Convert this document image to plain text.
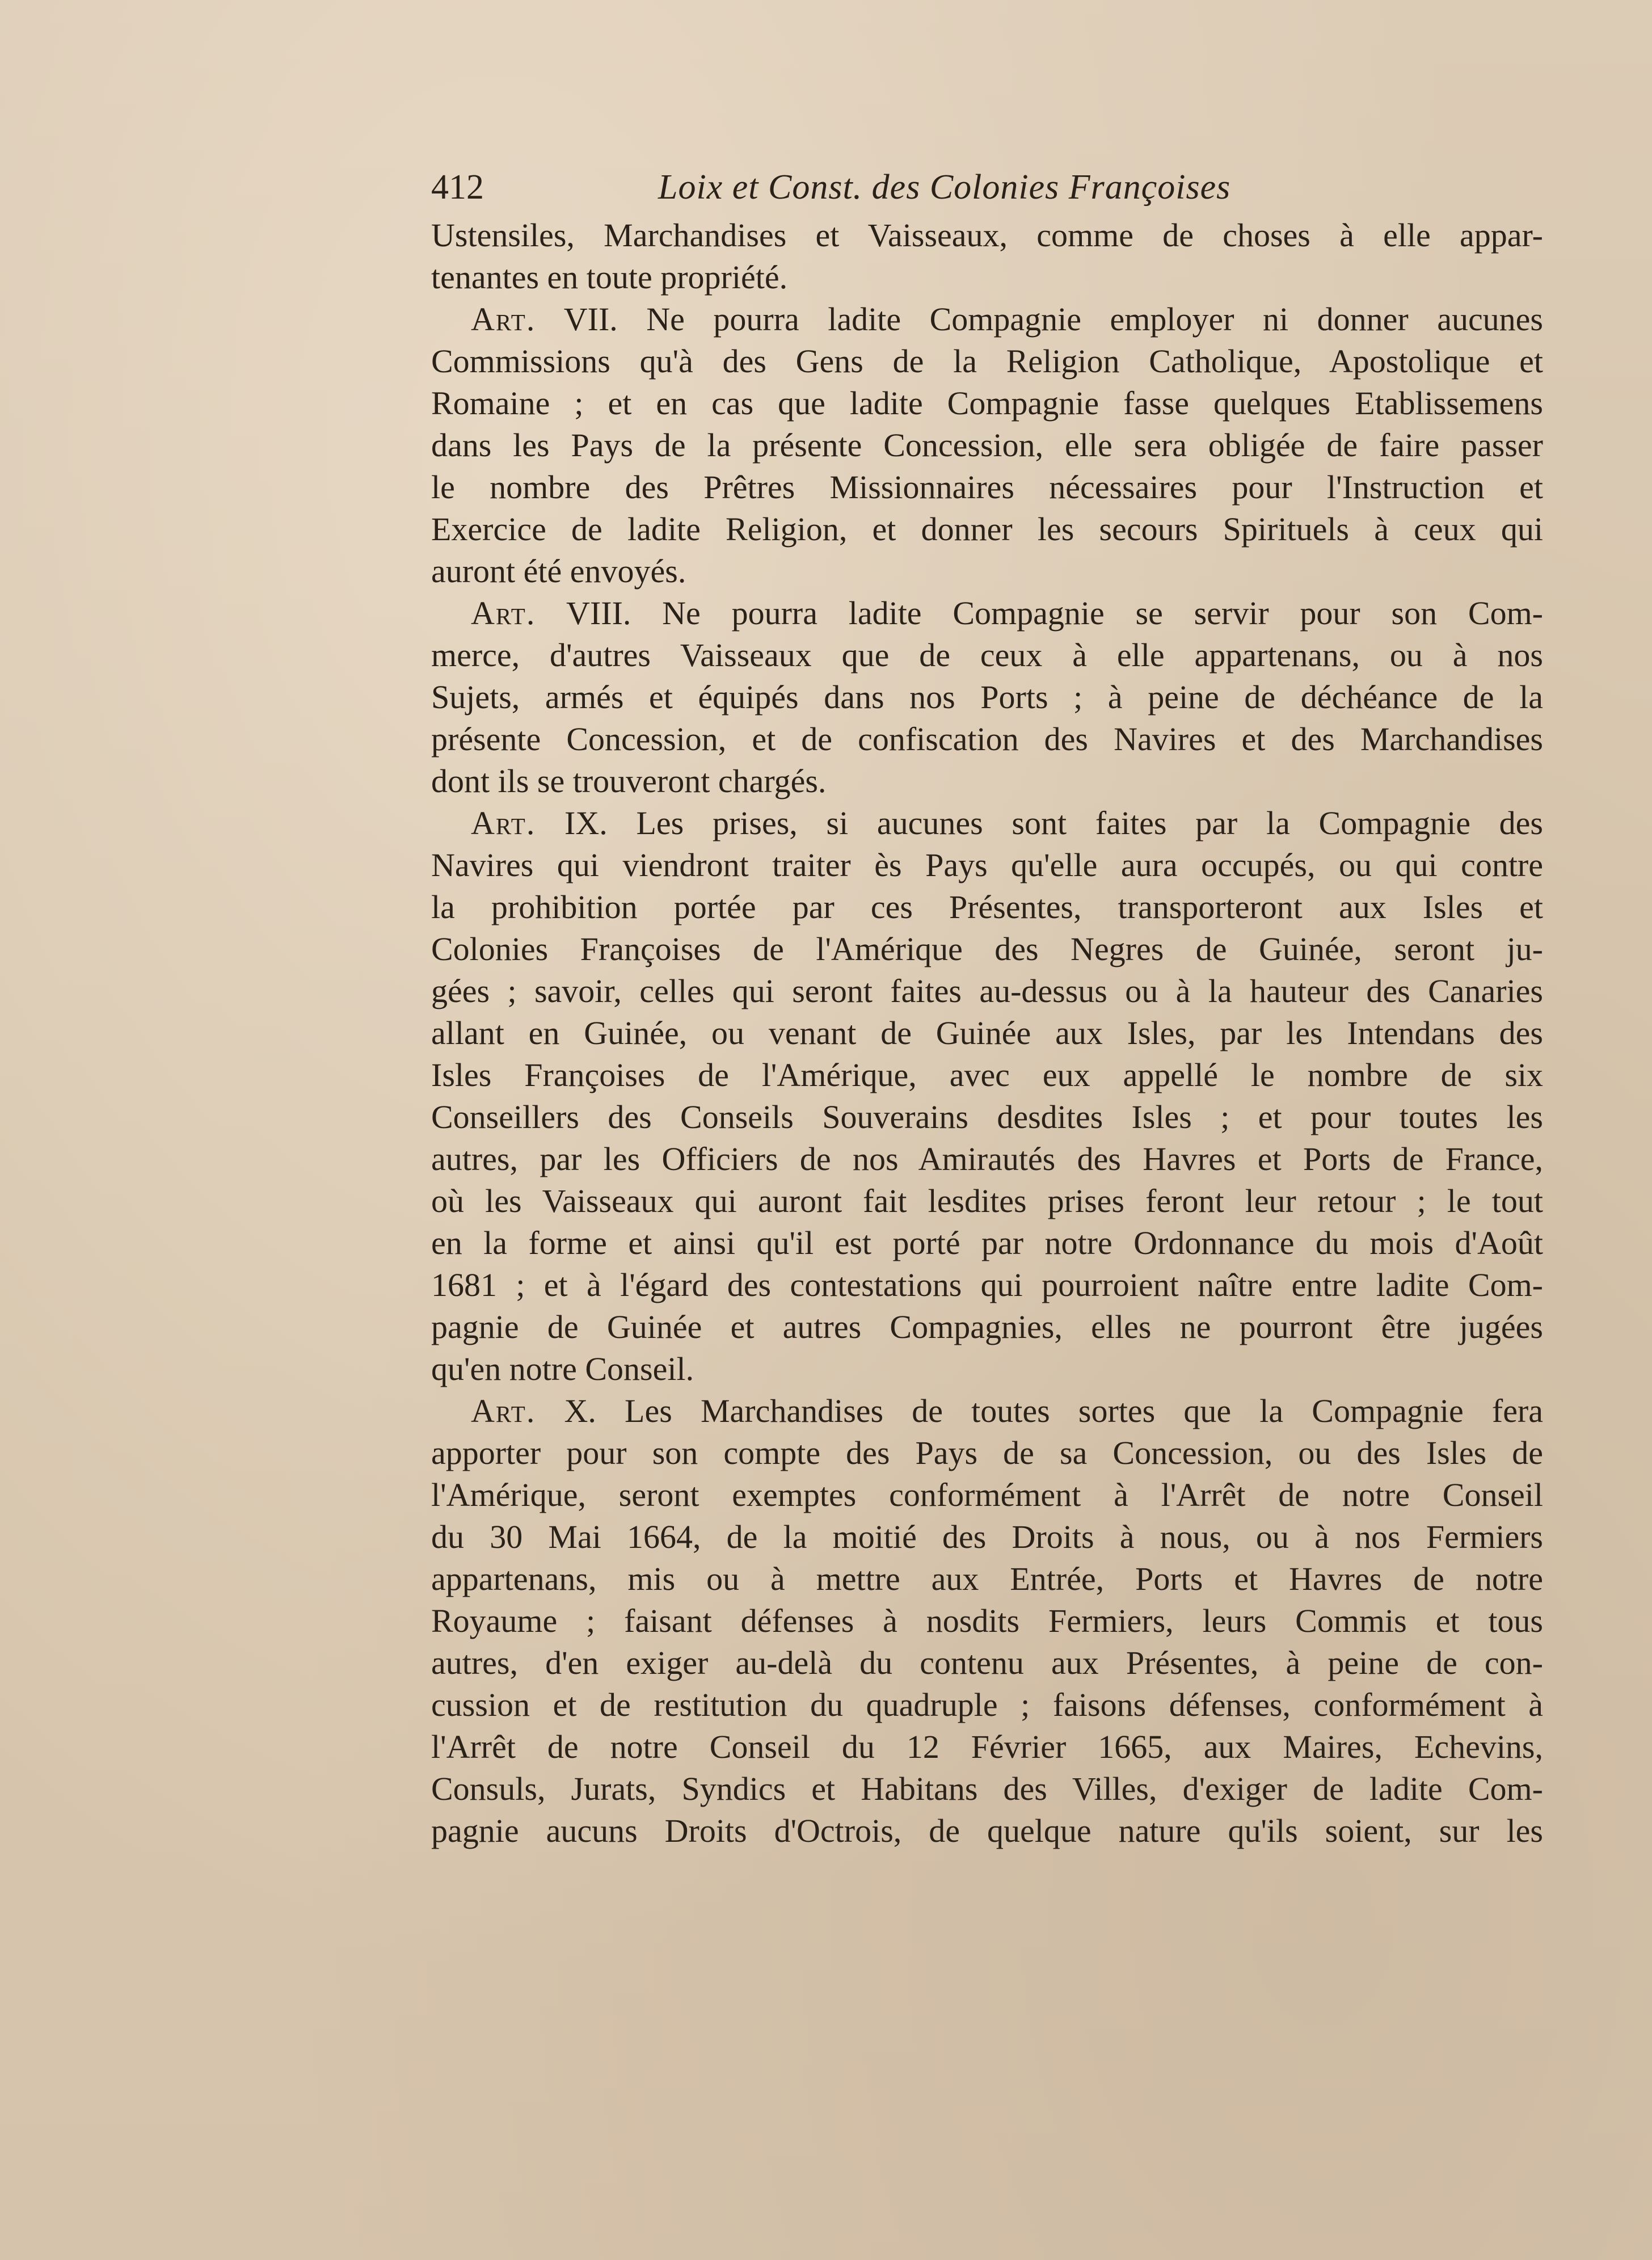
412	Loix et Const. des Colonies Françoises
Ustensiles, Marchandises et Vaisseaux, comme de choses à elle appar-
tenantes en toute propriété.
Art. VII. Ne pourra ladite Compagnie employer ni donner aucunes
Commissions qu'à des Gens de la Religion Catholique, Apostolique et
Romaine ; et en cas que ladite Compagnie fasse quelques Etablissemens
dans les Pays de la présente Concession, elle sera obligée de faire passer
le nombre des Prêtres Missionnaires nécessaires pour l'Instruction et
Exercice de ladite Religion, et donner les secours Spirituels à ceux qui
auront été envoyés.
Art. VIII. Ne pourra ladite Compagnie se servir pour son Com-
merce, d'autres Vaisseaux que de ceux à elle appartenans, ou à nos
Sujets, armés et équipés dans nos Ports ; à peine de déchéance de la
présente Concession, et de confiscation des Navires et des Marchandises
dont ils se trouveront chargés.
Art. IX. Les prises, si aucunes sont faites par la Compagnie des
Navires qui viendront traiter ès Pays qu'elle aura occupés, ou qui contre
la prohibition portée par ces Présentes, transporteront aux Isles et
Colonies Françoises de l'Amérique des Negres de Guinée, seront ju-
gées ; savoir, celles qui seront faites au-dessus ou à la hauteur des Canaries
allant en Guinée, ou venant de Guinée aux Isles, par les Intendans des
Isles Françoises de l'Amérique, avec eux appellé le nombre de six
Conseillers des Conseils Souverains desdites Isles ; et pour toutes les
autres, par les Officiers de nos Amirautés des Havres et Ports de France,
où les Vaisseaux qui auront fait lesdites prises feront leur retour ; le tout
en la forme et ainsi qu'il est porté par notre Ordonnance du mois d'Août
1681 ; et à l'égard des contestations qui pourroient naître entre ladite Com-
pagnie de Guinée et autres Compagnies, elles ne pourront être jugées
qu'en notre Conseil.
Art. X. Les Marchandises de toutes sortes que la Compagnie fera
apporter pour son compte des Pays de sa Concession, ou des Isles de
l'Amérique, seront exemptes conformément à l'Arrêt de notre Conseil
du 30 Mai 1664, de la moitié des Droits à nous, ou à nos Fermiers
appartenans, mis ou à mettre aux Entrée, Ports et Havres de notre
Royaume ; faisant défenses à nosdits Fermiers, leurs Commis et tous
autres, d'en exiger au-delà du contenu aux Présentes, à peine de con-
cussion et de restitution du quadruple ; faisons défenses, conformément à
l'Arrêt de notre Conseil du 12 Février 1665, aux Maires, Echevins,
Consuls, Jurats, Syndics et Habitans des Villes, d'exiger de ladite Com-
pagnie aucuns Droits d'Octrois, de quelque nature qu'ils soient, sur les
